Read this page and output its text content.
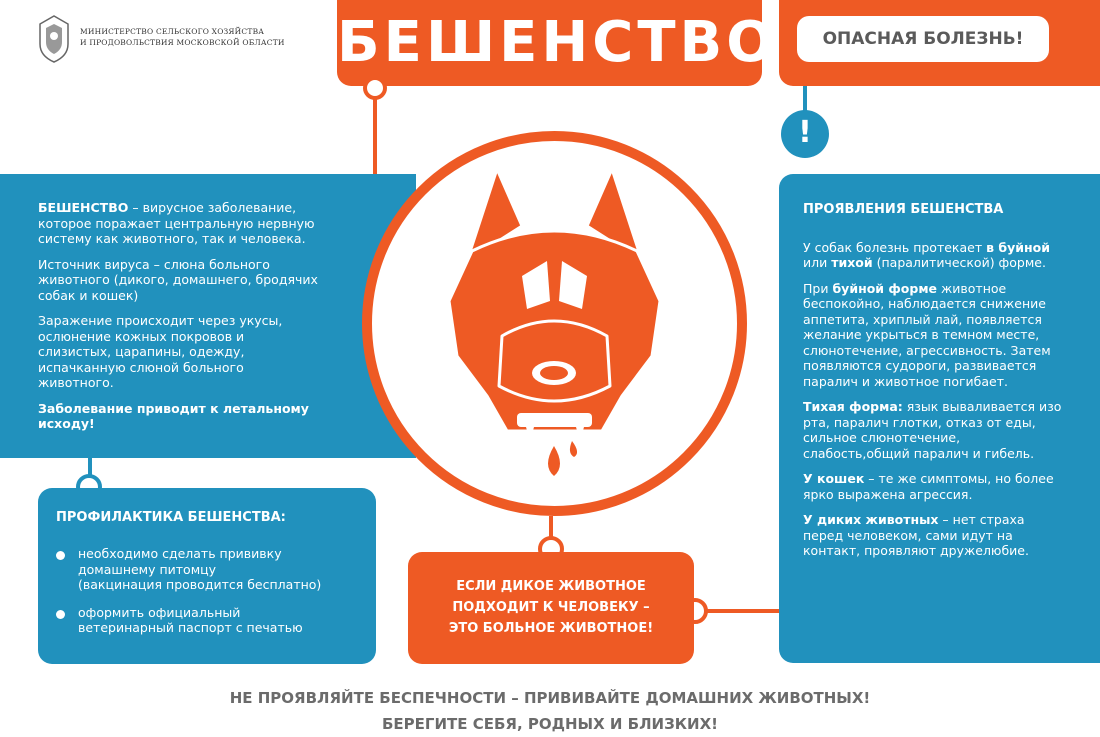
МИНИСТЕРСТВО СЕЛЬСКОГО ХОЗЯЙСТВА
И ПРОДОВОЛЬСТВИЯ МОСКОВСКОЙ ОБЛАСТИ БЕШЕНСТВО	ОПАСНАЯ БОЛЕЗНЬ!

БЕШЕНСТВО – вирусное заболевание, которое поражает центральную нервную систему как животного, так и человека.

Источник вируса – слюна больного животного (дикого, домашнего, бродячих собак и кошек)

Заражение происходит через укусы, ослюнение кожных покровов и слизистых, царапины, одежду, испачканную слюной больного животного.

Заболевание приводит к летальному исходу!

!
ПРОЯВЛЕНИЯ БЕШЕНСТВА

У собак болезнь протекает в буйной или тихой (паралитической) форме.

При буйной форме животное беспокойно, наблюдается снижение аппетита, хриплый лай, появляется желание укрыться в темном месте, слюнотечение, агрессивность. Затем появляются судороги, развивается паралич и животное погибает.

Тихая форма: язык вываливается изо рта, паралич глотки, отказ от еды, сильное слюнотечение, слабость,общий паралич и гибель.

У кошек – те же симптомы, но более ярко выражена агрессия.

У диких животных – нет страха перед человеком, сами идут на контакт, проявляют дружелюбие.

ПРОФИЛАКТИКА БЕШЕНСТВА:
необходимо сделать прививку
домашнему питомцу
(вакцинация проводится бесплатно)
оформить официальный
ветеринарный паспорт с печатью
ЕСЛИ ДИКОЕ ЖИВОТНОЕ
ПОДХОДИТ К ЧЕЛОВЕКУ –
ЭТО БОЛЬНОЕ ЖИВОТНОЕ!
НЕ ПРОЯВЛЯЙТЕ БЕСПЕЧНОСТИ – ПРИВИВАЙТЕ ДОМАШНИХ ЖИВОТНЫХ!
БЕРЕГИТЕ СЕБЯ, РОДНЫХ И БЛИЗКИХ!
